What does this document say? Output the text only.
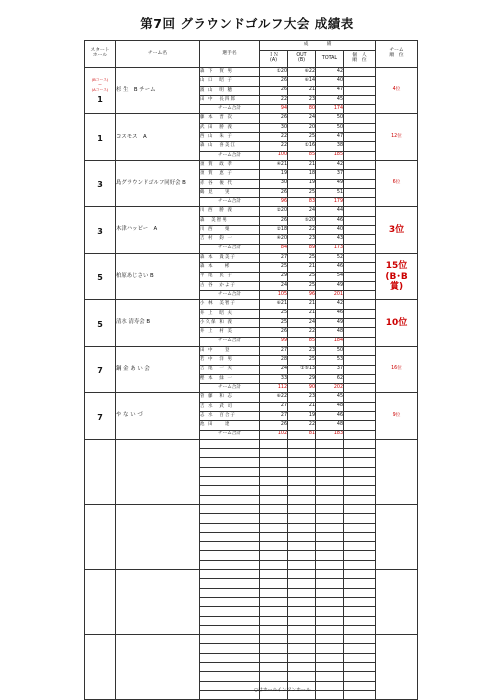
第7回 グラウンドゴルフ大会 成績表
スタート
ホール	チーム名	選手名	成　　　　績				チーム
順　位
			ＩＮ
(A)	OUT
(B)	TOTAL	個　人
順　位	

(Bコース)
～
(Aコース)
1	杉 生　B チーム	森 下　賀 男	①20	⑥22	42		4位
		山 口　昭 子	26	⑥14	40		
		濱 山　明 穂	26	21	47		
		田 中　長四郎	22	23	45		
		チーム合計	94	80	174		

1	コスモス　A	藤 本　晋 次	26	24	50		12位
		武 田　勝 義	30	20	50		
		西 山　朱 子	22	25	47		
		森 山　喜美江	22	①16	38		
		チーム合計	100	85	185		

3	島グラウンドゴルフ同好会 B	須 賀　政 孝	④21	21	42		6位
		須 賀　恵 子	19	18	37		
		赤 谷　俊 代	30	19	49		
		鶴 見　　実	26	25	51		
		チーム合計	96	83	179		

3	木津ハッピー　A	川 西　勝 義	②20	24	44		3位
		森　美智男	26	⑤20	46		
		川 西　　栗	②18	22	40		
		吉 村　鈞 一	④20	23	43		
		チーム合計	84	89	173		

5	柏原あじさい B	森 本　貴美子	27	25	52		15位
(B･B
賞)
		森 本　　彬	25	21	46		
		平 尾　民 子	29	25	54		
		古 谷　かよ子	24	25	49		
		チーム合計	105	96	201		

5	清水 清寿会 B	小 林　美智子	⑥21	21	42		10位
		井 上　昭 夫	25	21	46		
		小久保 和 義	25	24	49		
		井 上　村 美	26	22	48		
		チーム合計	99	85	184		

7	鋼 金 あ い 会	田 中　　登	27	23	50		16位
		若 中　洋 男	28	25	53		
		吉 尾　一 夫	24	①⑤13	37		
		樫 本　緑 一	33	29	62		
		チーム合計	112	90	202		

7	や な い づ	菅 藤　和 志	⑥22	23	45		9位
		吉 水　武 司	27	21	48		
		志 水　百合子	27	19	46		
		池 田　　達	26	22	48		
		チーム合計	102	81	183		

○はホールインワンホール
